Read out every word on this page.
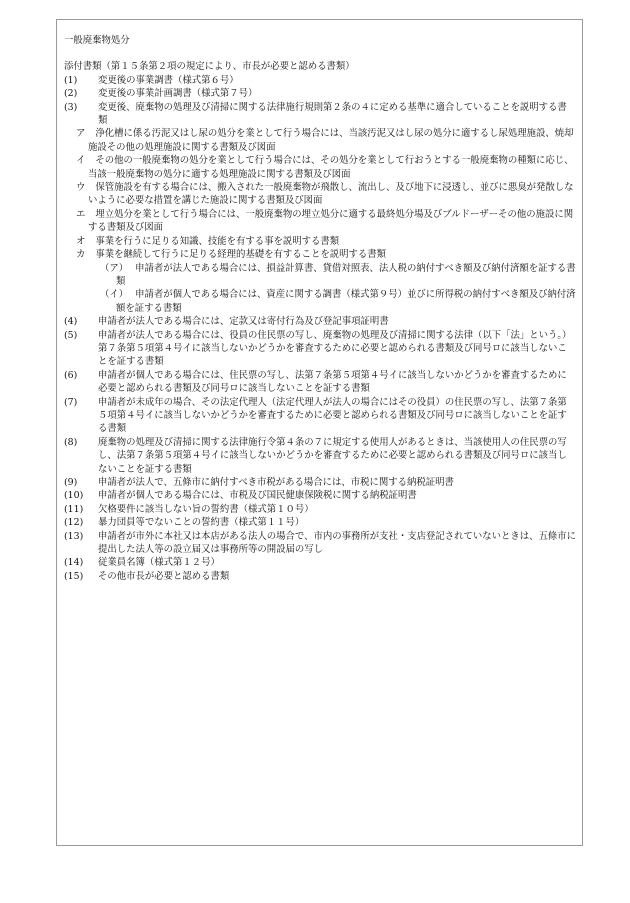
一般廃棄物処分
添付書類（第１５条第２項の規定により、市長が必要と認める書類）
(1) 変更後の事業調書（様式第６号）
(2) 変更後の事業計画調書（様式第７号）
(3) 変更後、廃棄物の処理及び清掃に関する法律施行規則第２条の４に定める基準に適合していることを説明する書類
ア 浄化槽に係る汚泥又はし尿の処分を業として行う場合には、当該汚泥又はし尿の処分に適するし尿処理施設、焼却施設その他の処理施設に関する書類及び図面
イ その他の一般廃棄物の処分を業として行う場合には、その処分を業として行おうとする一般廃棄物の種類に応じ、当該一般廃棄物の処分に適する処理施設に関する書類及び図面
ウ 保管施設を有する場合には、搬入された一般廃棄物が飛散し、流出し、及び地下に浸透し、並びに悪臭が発散しないように必要な措置を講じた施設に関する書類及び図面
エ 埋立処分を業として行う場合には、一般廃棄物の埋立処分に適する最終処分場及びブルドーザーその他の施設に関する書類及び図面
オ 事業を行うに足りる知識、技能を有する事を説明する書類
カ 事業を継続して行うに足りる経理的基礎を有することを説明する書類
（ア） 申請者が法人である場合には、損益計算書、貸借対照表、法人税の納付すべき額及び納付済額を証する書類
（イ） 申請者が個人である場合には、資産に関する調書（様式第９号）並びに所得税の納付すべき額及び納付済額を証する書類
(4) 申請者が法人である場合には、定款又は寄付行為及び登記事項証明書
(5) 申請者が法人である場合には、役員の住民票の写し、廃棄物の処理及び清掃に関する法律（以下「法」という。）第７条第５項第４号イに該当しないかどうかを審査するために必要と認められる書類及び同号ロに該当しないことを証する書類
(6) 申請者が個人である場合には、住民票の写し、法第７条第５項第４号イに該当しないかどうかを審査するために必要と認められる書類及び同号ロに該当しないことを証する書類
(7) 申請者が未成年の場合、その法定代理人（法定代理人が法人の場合にはその役員）の住民票の写し、法第７条第５項第４号イに該当しないかどうかを審査するために必要と認められる書類及び同号ロに該当しないことを証する書類
(8) 廃棄物の処理及び清掃に関する法律施行令第４条の７に規定する使用人があるときは、当該使用人の住民票の写し、法第７条第５項第４号イに該当しないかどうかを審査するために必要と認められる書類及び同号ロに該当しないことを証する書類
(9) 申請者が法人で、五條市に納付すべき市税がある場合には、市税に関する納税証明書
(10) 申請者が個人である場合には、市税及び国民健康保険税に関する納税証明書
(11) 欠格要件に該当しない旨の誓約書（様式第１０号）
(12) 暴力団員等でないことの誓約書（様式第１１号）
(13) 申請者が市外に本社又は本店がある法人の場合で、市内の事務所が支社・支店登記されていないときは、五條市に提出した法人等の設立届又は事務所等の開設届の写し
(14) 従業員名簿（様式第１２号）
(15) その他市長が必要と認める書類
